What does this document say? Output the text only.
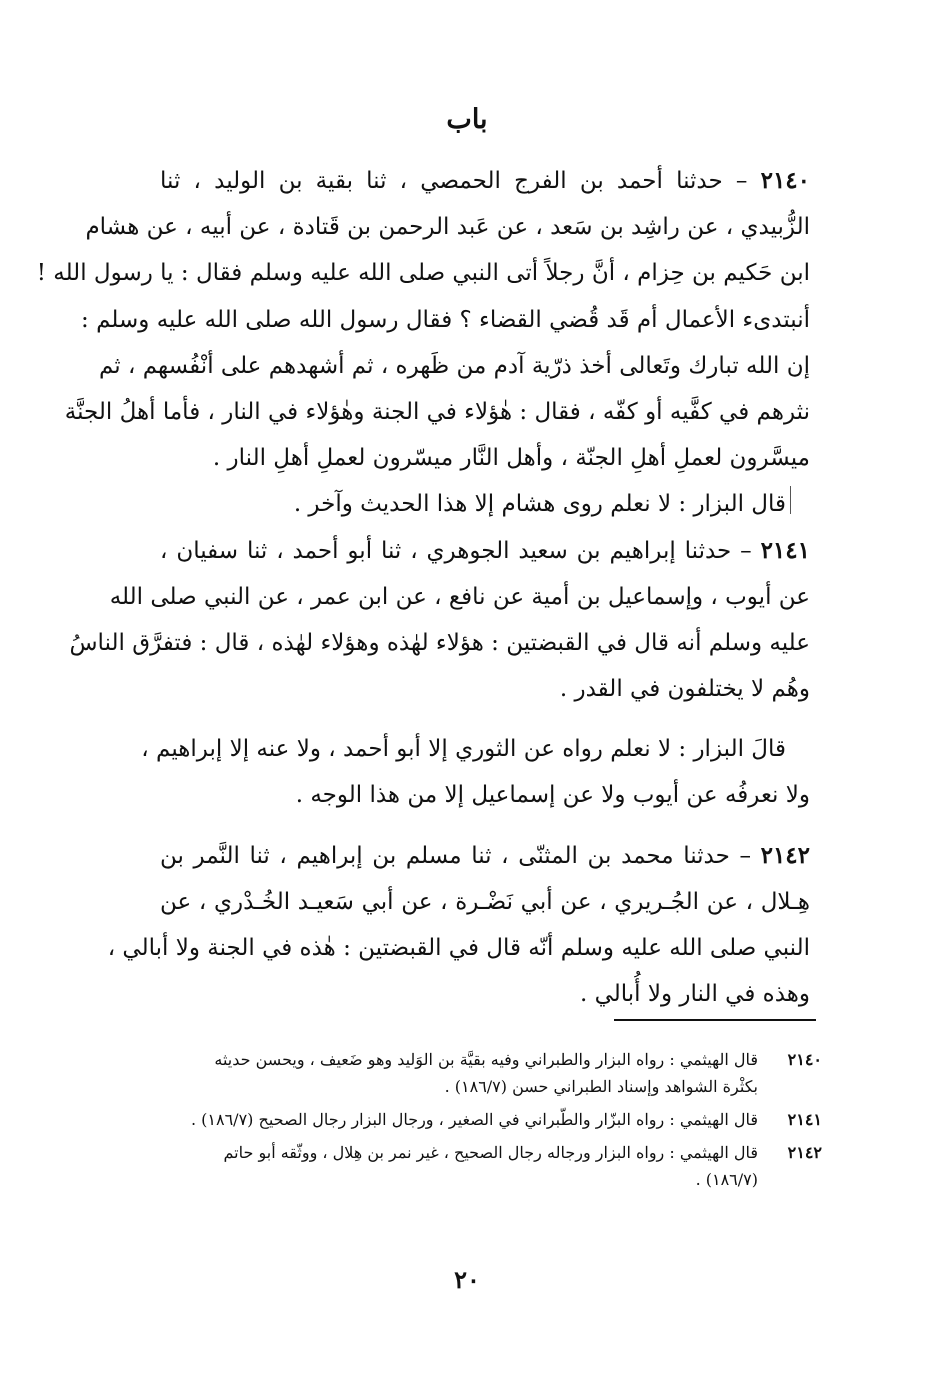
باب
٢١٤٠ – حدثنا أحمد بن الفرج الحمصي ، ثنا بقية بن الوليد ، ثنا
الزُّبيدي ، عن راشِد بن سَعد ، عن عَبد الرحمن بن قَتادة ، عن أبيه ، عن هشام
ابن حَكيم بن حِزام ، أنَّ رجلاً أتى النبي صلى الله عليه وسلم فقال : يا رسول الله !
أنبتدىء الأعمال أم قَد قُضي القضاء ؟ فقال رسول الله صلى الله عليه وسلم :
إن الله تبارك وتَعالى أخذ ذرّية آدم من ظَهره ، ثم أشهدهم على أنْفُسهم ، ثم
نثرهم في كفَّيه أو كفّه ، فقال : هٰؤلاء في الجنة وهٰؤلاء في النار ، فأما أهلُ الجنَّة
ميسَّرون لعملِ أهلِ الجنّة ، وأهل النَّار ميسّرون لعملِ أهلِ النار .
قال البزار : لا نعلم روى هشام إلا هذا الحديث وآخر .
٢١٤١ – حدثنا إبراهيم بن سعيد الجوهري ، ثنا أبو أحمد ، ثنا سفيان ،
عن أيوب ، وإسماعيل بن أمية عن نافع ، عن ابن عمر ، عن النبي صلى الله
عليه وسلم أنه قال في القبضتين : هؤلاء لهٰذه وهؤلاء لهٰذه ، قال : فتفرَّق الناسُ
وهُم لا يختلفون في القدر .
قالَ البزار : لا نعلم رواه عن الثوري إلا أبو أحمد ، ولا عنه إلا إبراهيم ،
ولا نعرفُه عن أيوب ولا عن إسماعيل إلا من هذا الوجه .
٢١٤٢ – حدثنا محمد بن المثنّى ، ثنا مسلم بن إبراهيم ، ثنا النَّمر بن
هِـلال ، عن الجُـريري ، عن أبي نَضْـرة ، عن أبي سَعيـد الخُـدْري ، عن
النبي صلى الله عليه وسلم أنّه قال في القبضتين : هٰذه في الجنة ولا أبالي ،
وهذه في النار ولا أُبالي .
٢١٤٠
قال الهيثمي : رواه البزار والطبراني وفيه بقيَّة بن الوَليد وهو ضَعيف ، ويحسن حديثه
بكثْرة الشواهد وإسناد الطبراني حسن (١٨٦/٧) .
٢١٤١
قال الهيثمي : رواه البزّار والطّبراني في الصغير ، ورجال البزار رجال الصحيح (١٨٦/٧) .
٢١٤٢
قال الهيثمي : رواه البزار ورجاله رجال الصحيح ، غير نمر بن هِلال ، ووثّقه أبو حاتم
(١٨٦/٧) .
٢٠
